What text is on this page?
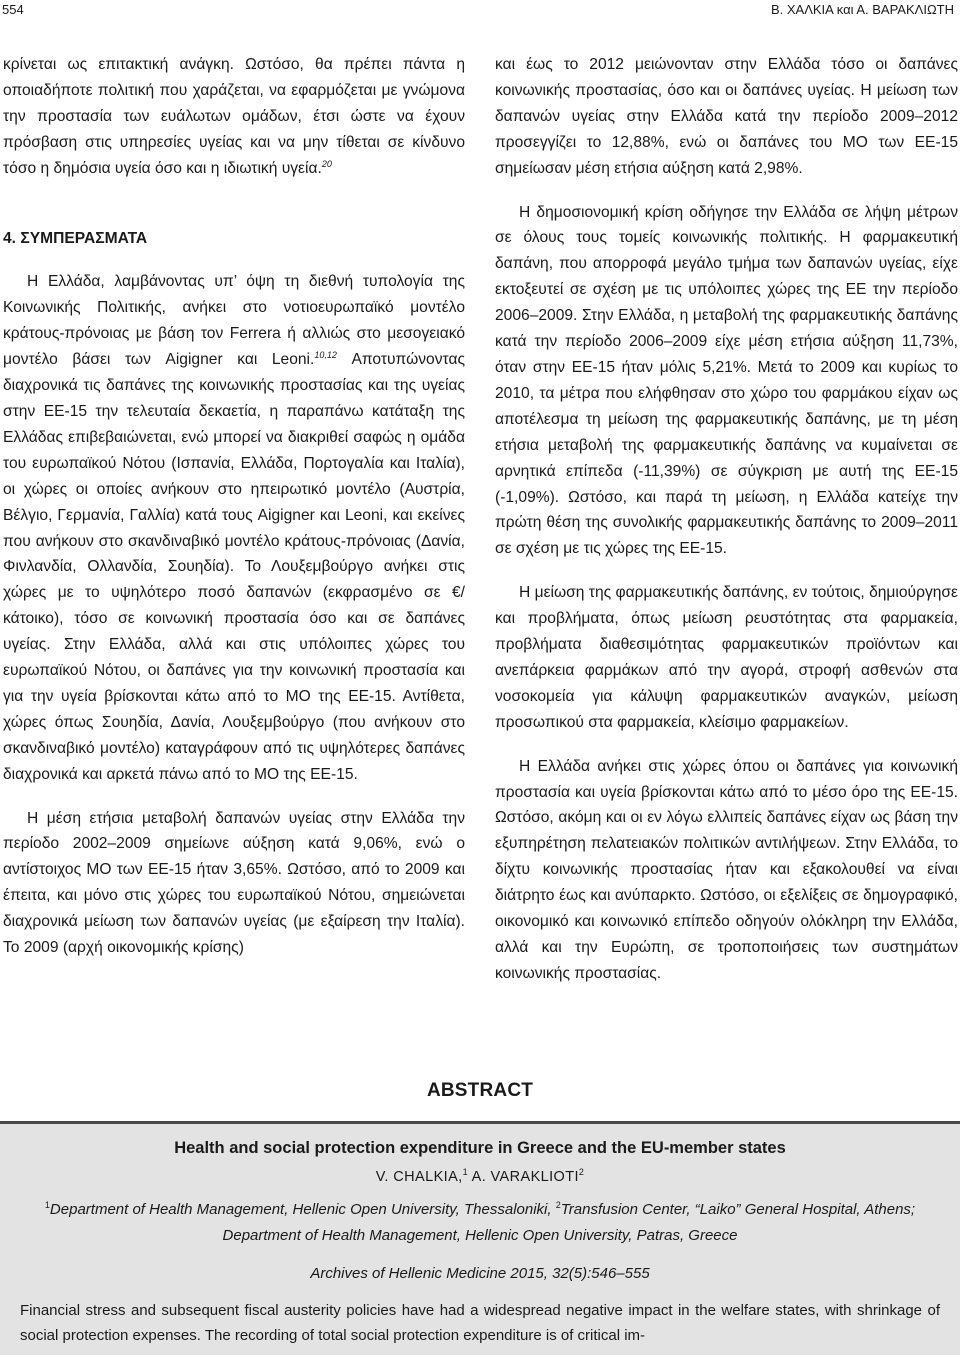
554	Β. ΧΑΛΚΙΑ και Α. ΒΑΡΑΚΛΙΩΤΗ

κρίνεται ως επιτακτική ανάγκη. Ωστόσο, θα πρέπει πάντα η οποιαδήποτε πολιτική που χαράζεται, να εφαρμόζεται με γνώμονα την προστασία των ευάλωτων ομάδων, έτσι ώστε να έχουν πρόσβαση στις υπηρεσίες υγείας και να μην τίθεται σε κίνδυνο τόσο η δημόσια υγεία όσο και η ιδιωτική υγεία.$^{20}$

4. ΣΥΜΠΕΡΑΣΜΑΤΑ

Η Ελλάδα, λαμβάνοντας υπ’ όψη τη διεθνή τυπολογία της Κοινωνικής Πολιτικής, ανήκει στο νοτιοευρωπαϊκό μοντέλο κράτους-πρόνοιας με βάση τον Ferrera ή αλλιώς στο μεσογειακό μοντέλο βάσει των Aigigner και Leoni.$^{10,12}$ Αποτυπώνοντας διαχρονικά τις δαπάνες της κοινωνικής προστασίας και της υγείας στην ΕΕ-15 την τελευταία δεκαετία, η παραπάνω κατάταξη της Ελλάδας επιβεβαιώνεται, ενώ μπορεί να διακριθεί σαφώς η ομάδα του ευρωπαϊκού Νότου (Ισπανία, Ελλάδα, Πορτογαλία και Ιταλία), οι χώρες οι οποίες ανήκουν στο ηπειρωτικό μοντέλο (Αυστρία, Βέλγιο, Γερμανία, Γαλλία) κατά τους Aigigner και Leoni, και εκείνες που ανήκουν στο σκανδιναβικό μοντέλο κράτους-πρόνοιας (Δανία, Φινλανδία, Ολλανδία, Σουηδία). Το Λουξεμβούργο ανήκει στις χώρες με το υψηλότερο ποσό δαπανών (εκφρασμένο σε €/κάτοικο), τόσο σε κοινωνική προστασία όσο και σε δαπάνες υγείας. Στην Ελλάδα, αλλά και στις υπόλοιπες χώρες του ευρωπαϊκού Νότου, οι δαπάνες για την κοινωνική προστασία και για την υγεία βρίσκονται κάτω από το ΜΟ της ΕΕ-15. Αντίθετα, χώρες όπως Σουηδία, Δανία, Λουξεμβούργο (που ανήκουν στο σκανδιναβικό μοντέλο) καταγράφουν από τις υψηλότερες δαπάνες διαχρονικά και αρκετά πάνω από το ΜΟ της ΕΕ-15.

Η μέση ετήσια μεταβολή δαπανών υγείας στην Ελλάδα την περίοδο 2002–2009 σημείωνε αύξηση κατά 9,06%, ενώ ο αντίστοιχος ΜΟ των ΕΕ-15 ήταν 3,65%. Ωστόσο, από το 2009 και έπειτα, και μόνο στις χώρες του ευρωπαϊκού Νότου, σημειώνεται διαχρονικά μείωση των δαπανών υγείας (με εξαίρεση την Ιταλία). Το 2009 (αρχή οικονομικής κρίσης)

και έως το 2012 μειώνονταν στην Ελλάδα τόσο οι δαπάνες κοινωνικής προστασίας, όσο και οι δαπάνες υγείας. Η μείωση των δαπανών υγείας στην Ελλάδα κατά την περίοδο 2009–2012 προσεγγίζει το 12,88%, ενώ οι δαπάνες του ΜΟ των ΕΕ-15 σημείωσαν μέση ετήσια αύξηση κατά 2,98%.

Η δημοσιονομική κρίση οδήγησε την Ελλάδα σε λήψη μέτρων σε όλους τους τομείς κοινωνικής πολιτικής. Η φαρμακευτική δαπάνη, που απορροφά μεγάλο τμήμα των δαπανών υγείας, είχε εκτοξευτεί σε σχέση με τις υπόλοιπες χώρες της ΕΕ την περίοδο 2006–2009. Στην Ελλάδα, η μεταβολή της φαρμακευτικής δαπάνης κατά την περίοδο 2006–2009 είχε μέση ετήσια αύξηση 11,73%, όταν στην ΕΕ-15 ήταν μόλις 5,21%. Μετά το 2009 και κυρίως το 2010, τα μέτρα που ελήφθησαν στο χώρο του φαρμάκου είχαν ως αποτέλεσμα τη μείωση της φαρμακευτικής δαπάνης, με τη μέση ετήσια μεταβολή της φαρμακευτικής δαπάνης να κυμαίνεται σε αρνητικά επίπεδα (-11,39%) σε σύγκριση με αυτή της ΕΕ-15 (-1,09%). Ωστόσο, και παρά τη μείωση, η Ελλάδα κατείχε την πρώτη θέση της συνολικής φαρμακευτικής δαπάνης το 2009–2011 σε σχέση με τις χώρες της ΕΕ-15.

Η μείωση της φαρμακευτικής δαπάνης, εν τούτοις, δημιούργησε και προβλήματα, όπως μείωση ρευστότητας στα φαρμακεία, προβλήματα διαθεσιμότητας φαρμακευτικών προϊόντων και ανεπάρκεια φαρμάκων από την αγορά, στροφή ασθενών στα νοσοκομεία για κάλυψη φαρμακευτικών αναγκών, μείωση προσωπικού στα φαρμακεία, κλείσιμο φαρμακείων.

Η Ελλάδα ανήκει στις χώρες όπου οι δαπάνες για κοινωνική προστασία και υγεία βρίσκονται κάτω από το μέσο όρο της ΕΕ-15. Ωστόσο, ακόμη και οι εν λόγω ελλιπείς δαπάνες είχαν ως βάση την εξυπηρέτηση πελατειακών πολιτικών αντιλήψεων. Στην Ελλάδα, το δίχτυ κοινωνικής προστασίας ήταν και εξακολουθεί να είναι διάτρητο έως και ανύπαρκτο. Ωστόσο, οι εξελίξεις σε δημογραφικό, οικονομικό και κοινωνικό επίπεδο οδηγούν ολόκληρη την Ελλάδα, αλλά και την Ευρώπη, σε τροποποιήσεις των συστημάτων κοινωνικής προστασίας.

ABSTRACT
Health and social protection expenditure in Greece and the EU-member states
V. CHALKIA,$^1$ A. VARAKLIOTI$^2$
$^1$Department of Health Management, Hellenic Open University, Thessaloniki, $^2$Transfusion Center, “Laiko” General Hospital, Athens; Department of Health Management, Hellenic Open University, Patras, Greece
Archives of Hellenic Medicine 2015, 32(5):546–555
Financial stress and subsequent fiscal austerity policies have had a widespread negative impact in the welfare states, with shrinkage of social protection expenses. The recording of total social protection expenditure is of critical im-
